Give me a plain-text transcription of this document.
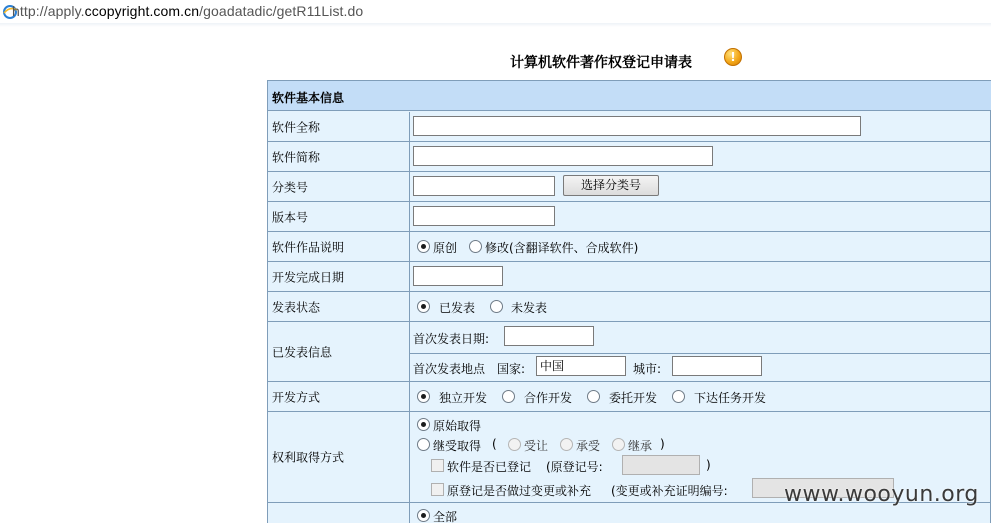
http://apply.ccopyright.com.cn/goadatadic/getR11List.do
计算机软件著作权登记申请表	!
软件基本信息
软件全称
软件简称
分类号	选择分类号
版本号
软件作品说明	原创 修改(含翻译软件、合成软件)
开发完成日期
发表状态	已发表	未发表
已发表信息
首次发表日期:
首次发表地点 国家:	中国	城市:
开发方式	独立开发	合作开发	委托开发	下达任务开发
权利取得方式
原始取得
继受取得 ( 受让 承受 继承 )
软件是否已登记 (原登记号:	)
原登记是否做过变更或补充 (变更或补充证明编号:
全部
www.wooyun.org
